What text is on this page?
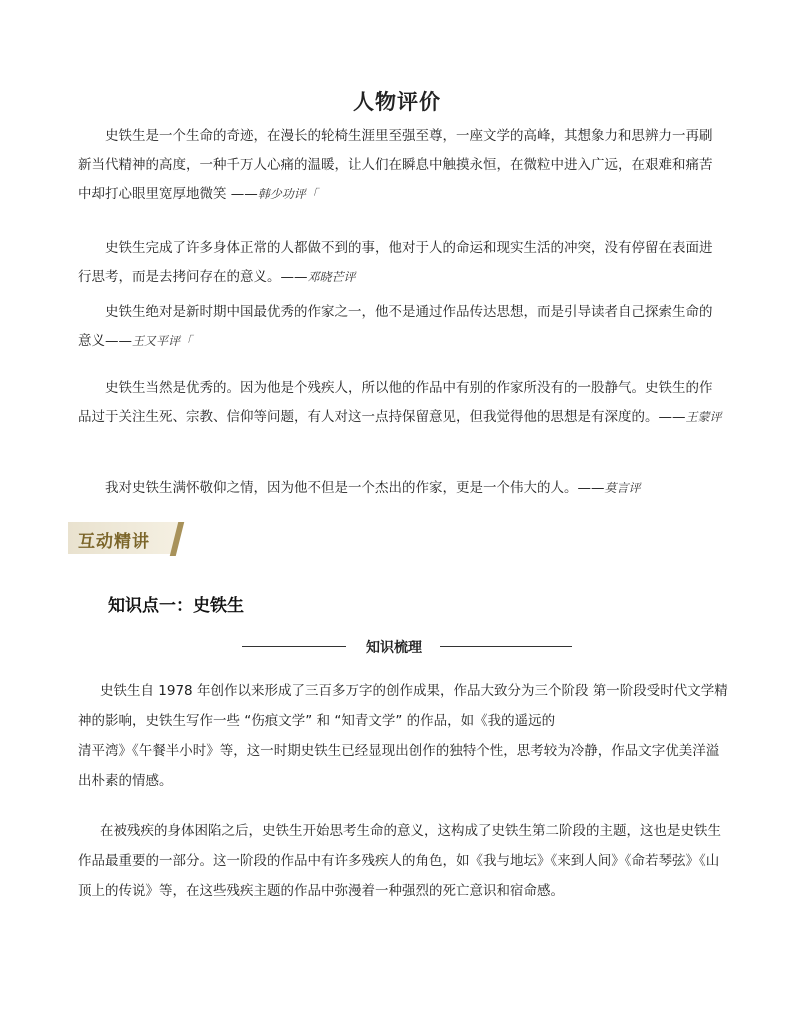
人物评价

史铁生是一个生命的奇迹，在漫长的轮椅生涯里至强至尊，一座文学的高峰，其想象力和思辨力一再刷新当代精神的高度，一种千万人心痛的温暖，让人们在瞬息中触摸永恒，在微粒中进入广远，在艰难和痛苦中却打心眼里宽厚地微笑 ——韩少功评「

史铁生完成了许多身体正常的人都做不到的事，他对于人的命运和现实生活的冲突，没有停留在表面进行思考，而是去拷问存在的意义。——邓晓芒评

史铁生绝对是新时期中国最优秀的作家之一，他不是通过作品传达思想，而是引导读者自己探索生命的意义——王又平评「

史铁生当然是优秀的。因为他是个残疾人，所以他的作品中有别的作家所没有的一股静气。史铁生的作品过于关注生死、宗教、信仰等问题，有人对这一点持保留意见，但我觉得他的思想是有深度的。——王蒙评

我对史铁生满怀敬仰之情，因为他不但是一个杰出的作家，更是一个伟大的人。——莫言评

互动精讲
知识点一：史铁生
知识梳理

史铁生自 1978 年创作以来形成了三百多万字的创作成果，作品大致分为三个阶段 第一阶段受时代文学精神的影响，史铁生写作一些 “伤痕文学” 和 “知青文学” 的作品，如《我的遥远的

清平湾》《午餐半小时》等，这一时期史铁生已经显现出创作的独特个性，思考较为冷静，作品文字优美洋溢出朴素的情感。

在被残疾的身体困陷之后，史铁生开始思考生命的意义，这构成了史铁生第二阶段的主题，这也是史铁生作品最重要的一部分。这一阶段的作品中有许多残疾人的角色，如《我与地坛》《来到人间》《命若琴弦》《山顶上的传说》等，在这些残疾主题的作品中弥漫着一种强烈的死亡意识和宿命感。
